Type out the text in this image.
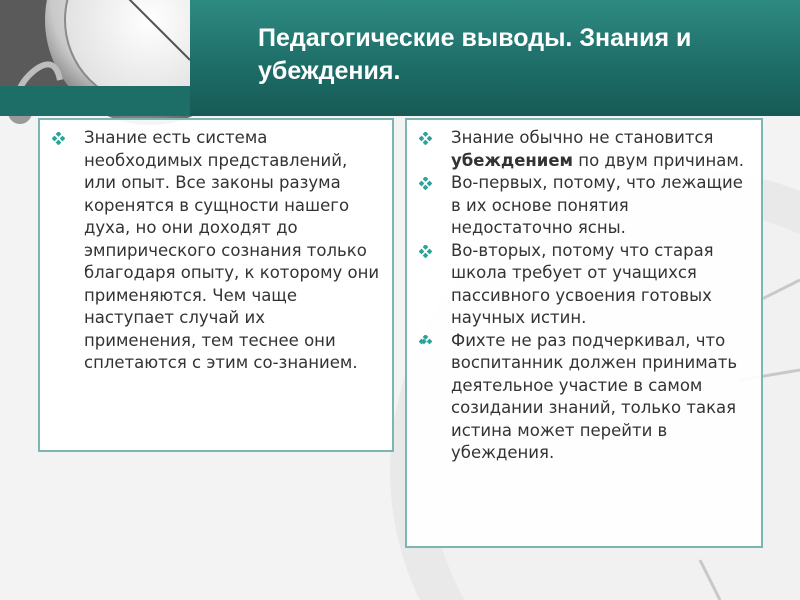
Педагогические выводы. Знания и убеждения.
Знание есть система необходимых представлений, или опыт. Все законы разума коренятся в сущности нашего духа, но они доходят до эмпирического сознания только благодаря опыту, к которому они применяются. Чем чаще наступает случай их применения, тем теснее они сплетаются с этим со-знанием.
Знание обычно не становится убеждением по двум причинам.
Во-первых, потому, что лежащие в их основе понятия недостаточно ясны.
Во-вторых, потому что старая школа требует от учащихся пассивного усвоения готовых научных истин.
Фихте не раз подчеркивал, что воспитанник должен принимать деятельное участие в самом созидании знаний, только такая истина может перейти в убеждения.
